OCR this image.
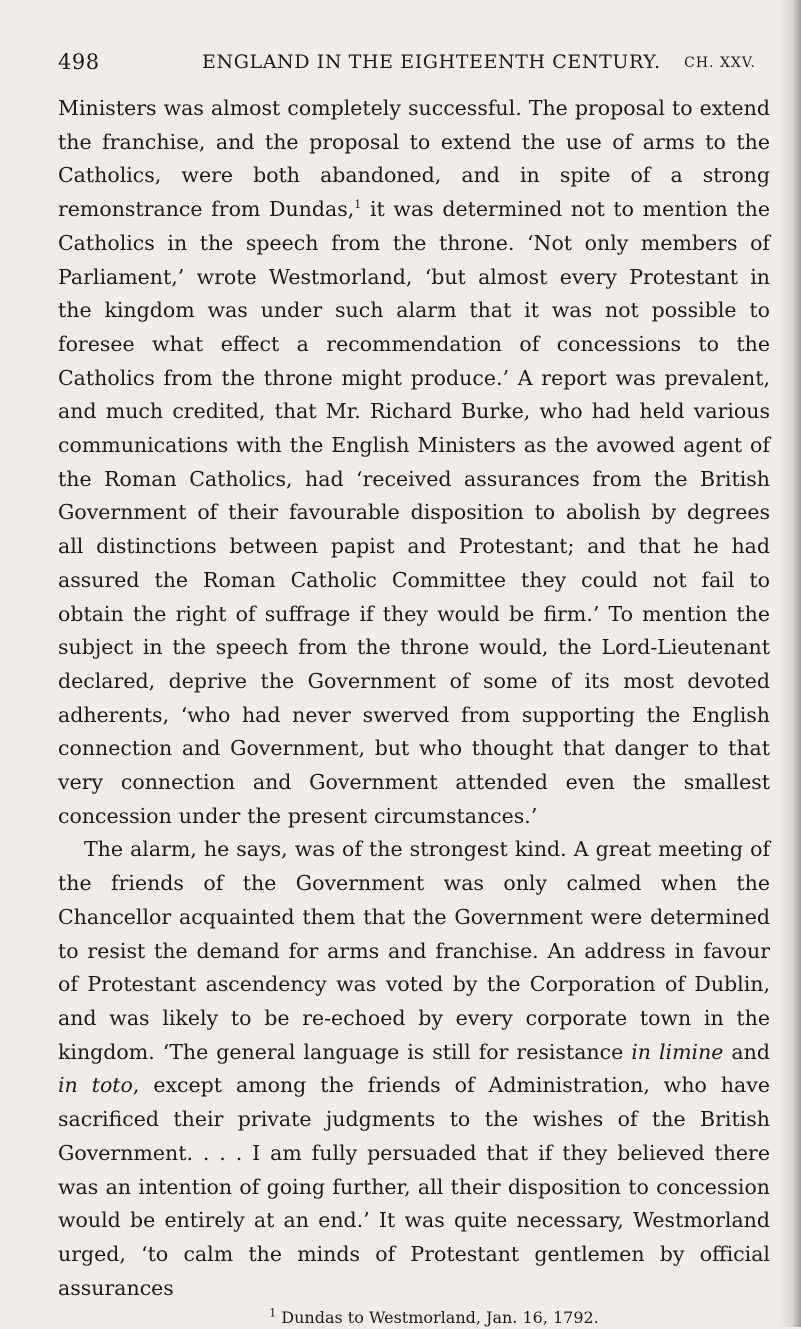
498	ENGLAND IN THE EIGHTEENTH CENTURY. CH. XXV.

Ministers was almost completely successful. The proposal to extend the franchise, and the proposal to extend the use of arms to the Catholics, were both abandoned, and in spite of a strong remonstrance from Dundas,$^1$ it was determined not to mention the Catholics in the speech from the throne. ‘Not only members of Parliament,’ wrote Westmorland, ‘but almost every Protestant in the kingdom was under such alarm that it was not possible to foresee what effect a recommendation of concessions to the Catholics from the throne might produce.’ A report was prevalent, and much credited, that Mr. Richard Burke, who had held various communications with the English Ministers as the avowed agent of the Roman Catholics, had ‘received assurances from the British Government of their favourable disposition to abolish by degrees all distinctions between papist and Protestant; and that he had assured the Roman Catholic Committee they could not fail to obtain the right of suffrage if they would be firm.’ To mention the subject in the speech from the throne would, the Lord-Lieutenant declared, deprive the Government of some of its most devoted adherents, ‘who had never swerved from supporting the English connection and Government, but who thought that danger to that very connection and Government attended even the smallest concession under the present circumstances.’

The alarm, he says, was of the strongest kind. A great meeting of the friends of the Government was only calmed when the Chancellor acquainted them that the Government were determined to resist the demand for arms and franchise. An address in favour of Protestant ascendency was voted by the Corporation of Dublin, and was likely to be re-echoed by every corporate town in the kingdom. ‘The general language is still for resistance in limine and in toto, except among the friends of Administration, who have sacrificed their private judgments to the wishes of the British Government. . . . I am fully persuaded that if they believed there was an intention of going further, all their disposition to concession would be entirely at an end.’ It was quite necessary, Westmorland urged, ‘to calm the minds of Protestant gentlemen by official assurances

$^1$ Dundas to Westmorland, Jan. 16, 1792.
